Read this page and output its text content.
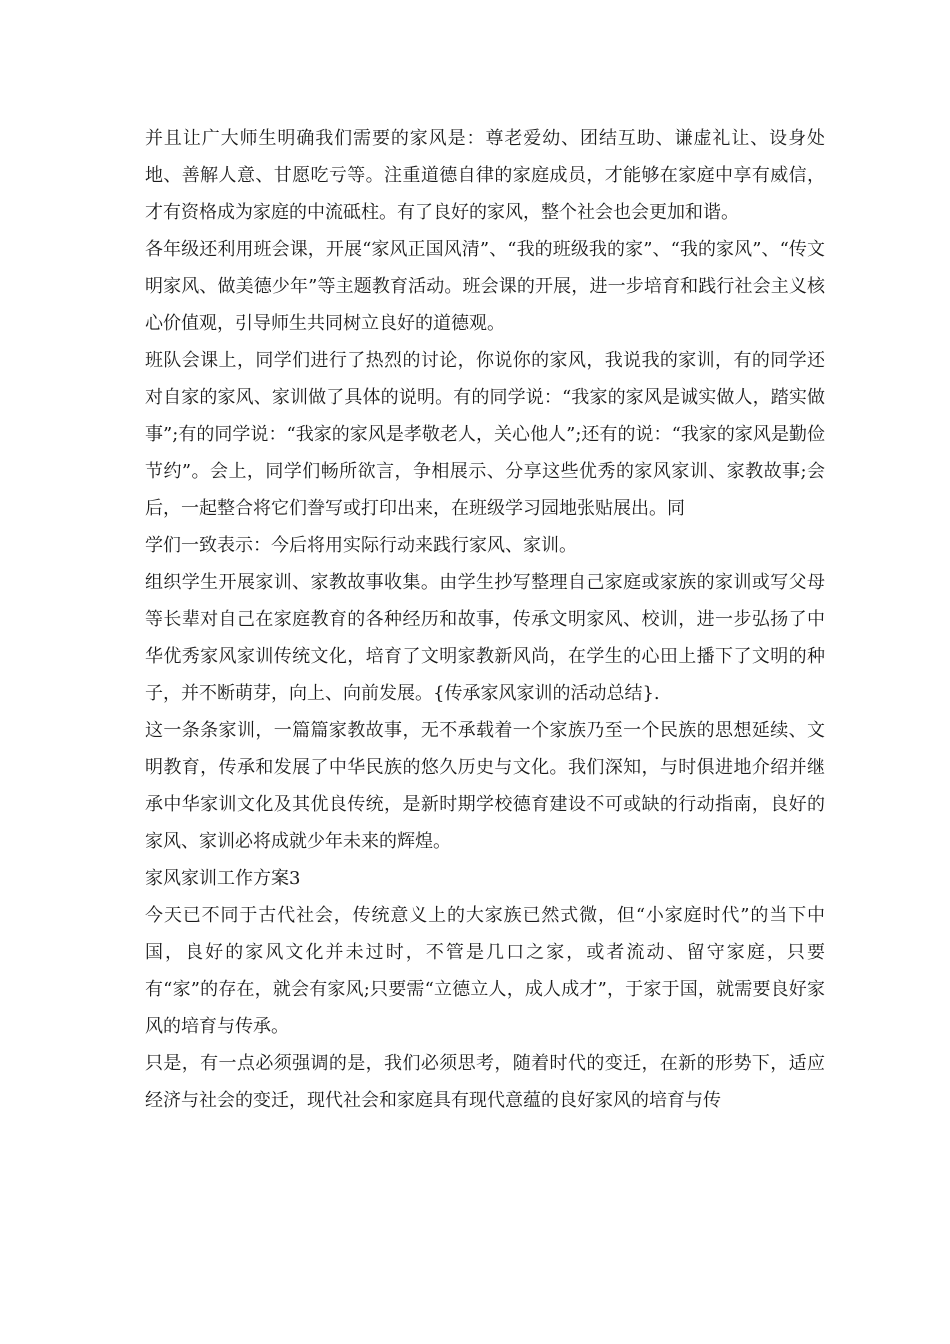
并且让广大师生明确我们需要的家风是：尊老爱幼、团结互助、谦虚礼让、设身处地、善解人意、甘愿吃亏等。注重道德自律的家庭成员，才能够在家庭中享有威信，才有资格成为家庭的中流砥柱。有了良好的家风，整个社会也会更加和谐。

各年级还利用班会课，开展“家风正国风清”、“我的班级我的家”、“我的家风”、“传文明家风、做美德少年”等主题教育活动。班会课的开展，进一步培育和践行社会主义核心价值观，引导师生共同树立良好的道德观。

班队会课上，同学们进行了热烈的讨论，你说你的家风，我说我的家训，有的同学还对自家的家风、家训做了具体的说明。有的同学说：“我家的家风是诚实做人，踏实做事”;有的同学说：“我家的家风是孝敬老人，关心他人”;还有的说：“我家的家风是勤俭节约”。会上，同学们畅所欲言，争相展示、分享这些优秀的家风家训、家教故事;会后，一起整合将它们誊写或打印出来，在班级学习园地张贴展出。同

学们一致表示：今后将用实际行动来践行家风、家训。

组织学生开展家训、家教故事收集。由学生抄写整理自己家庭或家族的家训或写父母等长辈对自己在家庭教育的各种经历和故事，传承文明家风、校训，进一步弘扬了中华优秀家风家训传统文化，培育了文明家教新风尚，在学生的心田上播下了文明的种子，并不断萌芽，向上、向前发展。{传承家风家训的活动总结}.

这一条条家训，一篇篇家教故事，无不承载着一个家族乃至一个民族的思想延续、文明教育，传承和发展了中华民族的悠久历史与文化。我们深知，与时俱进地介绍并继承中华家训文化及其优良传统，是新时期学校德育建设不可或缺的行动指南，良好的家风、家训必将成就少年未来的辉煌。

家风家训工作方案3

今天已不同于古代社会，传统意义上的大家族已然式微，但“小家庭时代”的当下中国，良好的家风文化并未过时，不管是几口之家，或者流动、留守家庭，只要有“家”的存在，就会有家风;只要需“立德立人，成人成才”，于家于国，就需要良好家风的培育与传承。

只是，有一点必须强调的是，我们必须思考，随着时代的变迁，在新的形势下，适应经济与社会的变迁，现代社会和家庭具有现代意蕴的良好家风的培育与传
